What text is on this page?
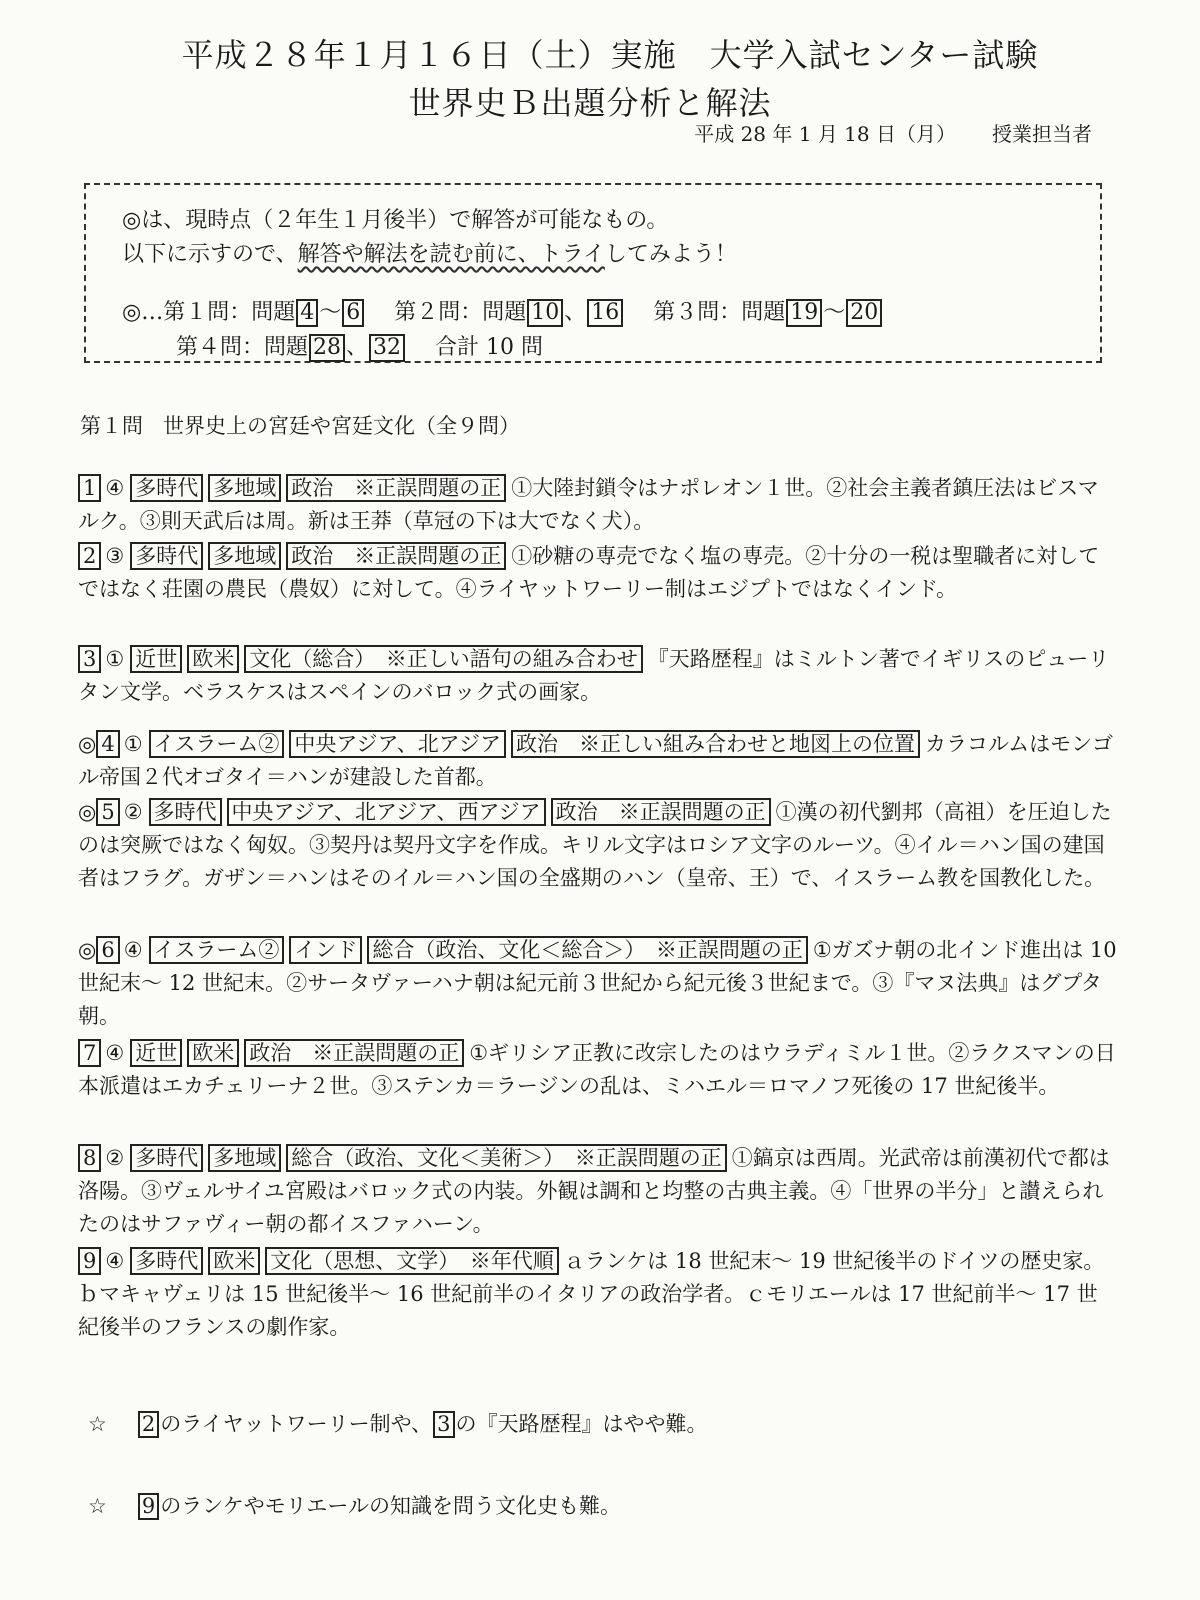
平成２８年１月１６日（土）実施　大学入試センター試験
世界史Ｂ出題分析と解法
平成 28 年 1 月 18 日（月） 授業担当者
◎は、現時点（２年生１月後半）で解答が可能なもの。
以下に示すので、解答や解法を読む前に、トライしてみよう！
◎…第１問：問題 4 ～ 6 第２問：問題 10 、 16 第３問：問題 19 ～ 20
第４問：問題 28 、 32 合計 10 問
第１問 世界史上の宮廷や宮廷文化（全９問）

1 ④ 多時代 多地域 政治　※正誤問題の正 ①大陸封鎖令はナポレオン１世。②社会主義者鎮圧法はビスマルク。③則天武后は周。新は王莽（草冠の下は大でなく犬）。

2 ③ 多時代 多地域 政治　※正誤問題の正 ①砂糖の専売でなく塩の専売。②十分の一税は聖職者に対してではなく荘園の農民（農奴）に対して。④ライヤットワーリー制はエジプトではなくインド。

3 ① 近世 欧米 文化（総合）　※正しい語句の組み合わせ 『天路歴程』はミルトン著でイギリスのピューリタン文学。ベラスケスはスペインのバロック式の画家。

◎ 4 ① イスラーム② 中央アジア、北アジア 政治　※正しい組み合わせと地図上の位置 カラコルムはモンゴル帝国２代オゴタイ＝ハンが建設した首都。

◎ 5 ② 多時代 中央アジア、北アジア、西アジア 政治　※正誤問題の正 ①漢の初代劉邦（高祖）を圧迫したのは突厥ではなく匈奴。③契丹は契丹文字を作成。キリル文字はロシア文字のルーツ。④イル＝ハン国の建国者はフラグ。ガザン＝ハンはそのイル＝ハン国の全盛期のハン（皇帝、王）で、イスラーム教を国教化した。

◎ 6 ④ イスラーム② インド 総合（政治、文化＜総合＞）　※正誤問題の正 ①ガズナ朝の北インド進出は 10 世紀末～ 12 世紀末。②サータヴァーハナ朝は紀元前３世紀から紀元後３世紀まで。③『マヌ法典』はグプタ朝。

7 ④ 近世 欧米 政治　※正誤問題の正 ①ギリシア正教に改宗したのはウラディミル１世。②ラクスマンの日本派遣はエカチェリーナ２世。③ステンカ＝ラージンの乱は、ミハエル＝ロマノフ死後の 17 世紀後半。

8 ② 多時代 多地域 総合（政治、文化＜美術＞）　※正誤問題の正 ①鎬京は西周。光武帝は前漢初代で都は洛陽。③ヴェルサイユ宮殿はバロック式の内装。外観は調和と均整の古典主義。④「世界の半分」と讃えられたのはサファヴィー朝の都イスファハーン。

9 ④ 多時代 欧米 文化（思想、文学）　※年代順 ａランケは 18 世紀末～ 19 世紀後半のドイツの歴史家。ｂマキャヴェリは 15 世紀後半～ 16 世紀前半のイタリアの政治学者。ｃモリエールは 17 世紀前半～ 17 世紀後半のフランスの劇作家。

☆ 2 のライヤットワーリー制や、 3 の『天路歴程』はやや難。
☆ 9 のランケやモリエールの知識を問う文化史も難。
